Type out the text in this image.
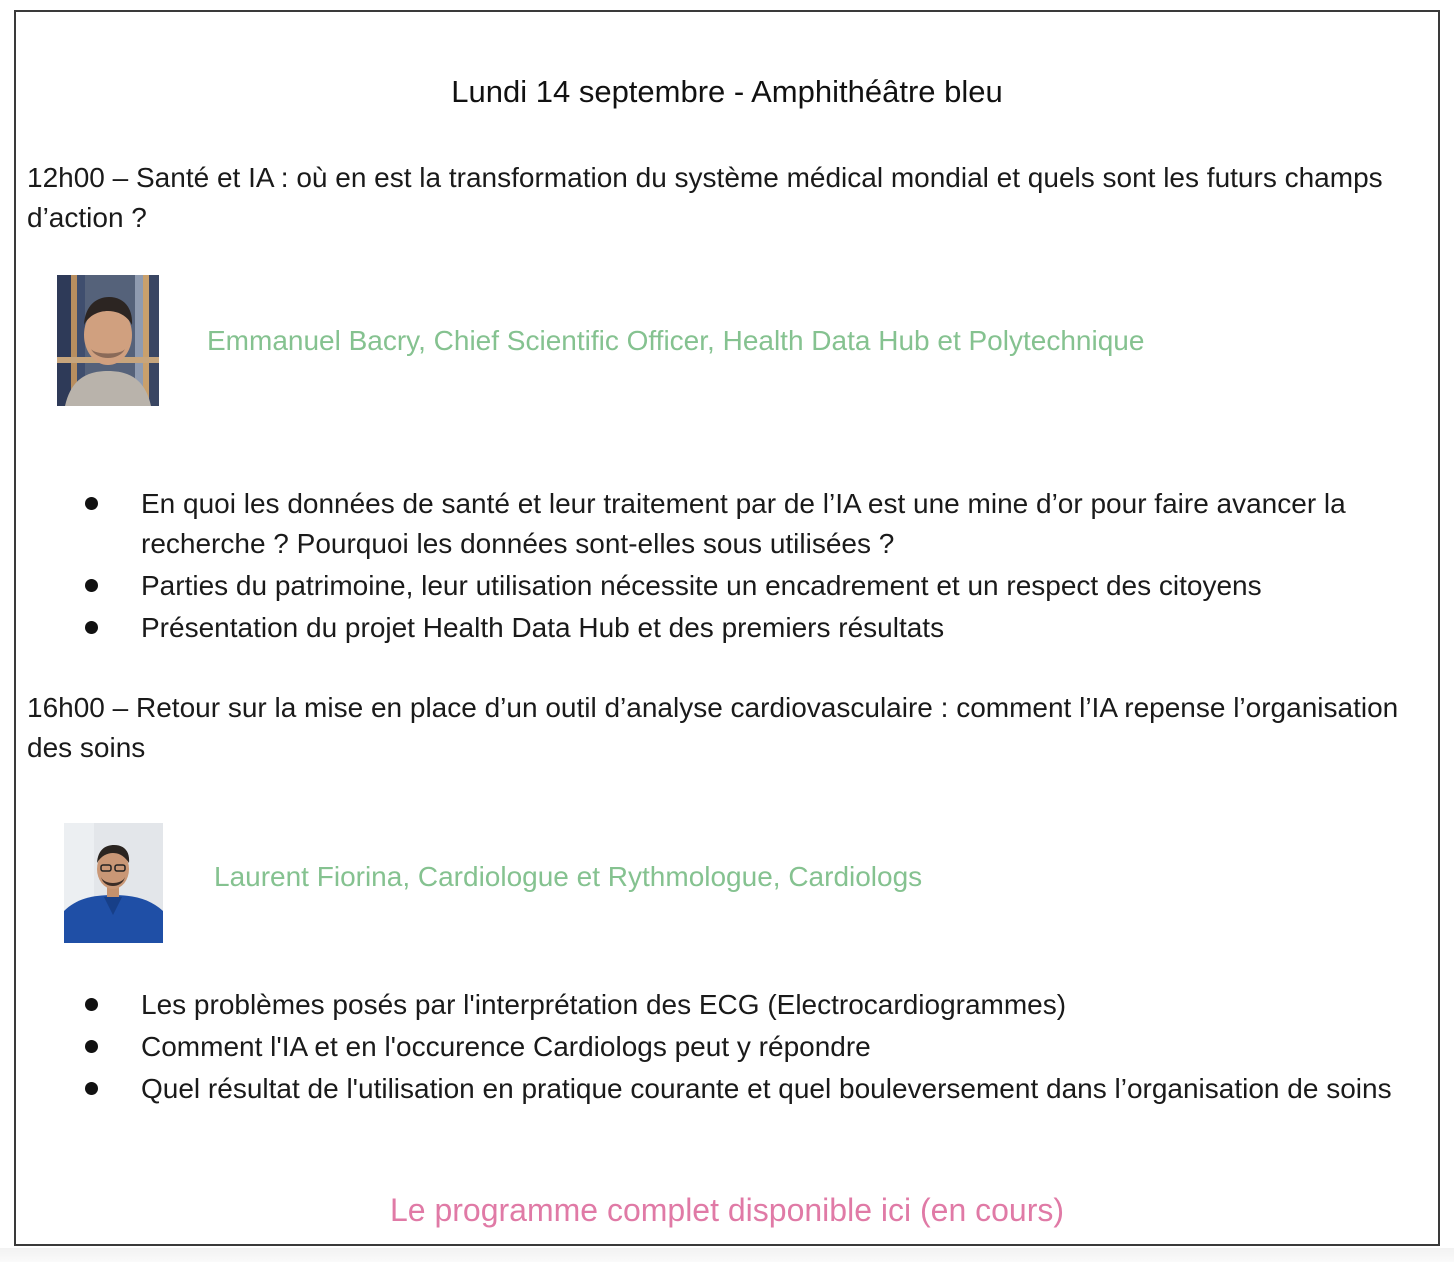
Lundi 14 septembre - Amphithéâtre bleu
12h00 – Santé et IA : où en est la transformation du système médical mondial et quels sont les futurs champs d’action ?
Emmanuel Bacry, Chief Scientific Officer, Health Data Hub et Polytechnique
En quoi les données de santé et leur traitement par de l’IA est une mine d’or pour faire avancer la recherche ? Pourquoi les données sont-elles sous utilisées ?
Parties du patrimoine, leur utilisation nécessite un encadrement et un respect des citoyens
Présentation du projet Health Data Hub et des premiers résultats
16h00 – Retour sur la mise en place d’un outil d’analyse cardiovasculaire : comment l’IA repense l’organisation des soins
Laurent Fiorina, Cardiologue et Rythmologue, Cardiologs
Les problèmes posés par l'interprétation des ECG (Electrocardiogrammes)
Comment l'IA et en l'occurence Cardiologs peut y répondre
Quel résultat de l'utilisation en pratique courante et quel bouleversement dans l’organisation de soins
Le programme complet disponible ici (en cours)
